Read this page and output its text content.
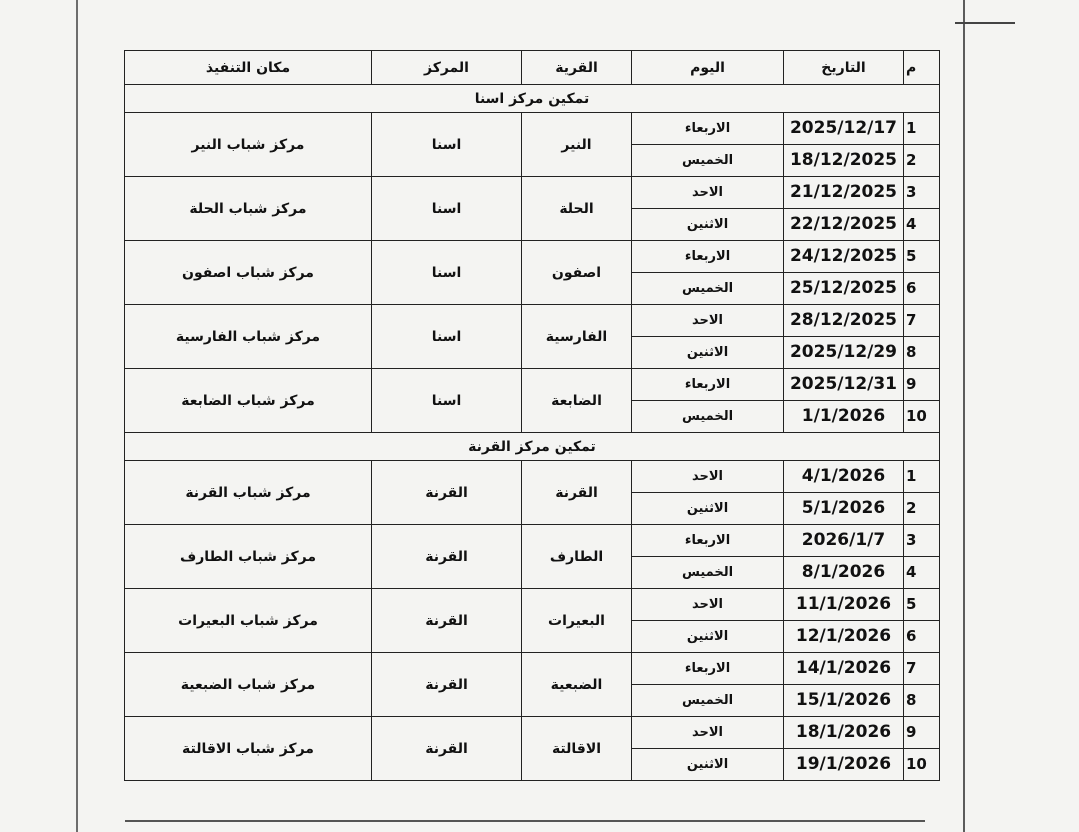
م	التاريخ	اليوم	القرية	المركز	مكان التنفيذ
تمكين مركز اسنا					
1	2025/12/17	الاربعاء	النير	اسنا	مركز شباب النير
2	18/12/2025	الخميس			
3	21/12/2025	الاحد	الحلة	اسنا	مركز شباب الحلة
4	22/12/2025	الاثنين			
5	24/12/2025	الاربعاء	اصفون	اسنا	مركز شباب اصفون
6	25/12/2025	الخميس			
7	28/12/2025	الاحد	الفارسية	اسنا	مركز شباب الفارسية
8	2025/12/29	الاثنين			
9	2025/12/31	الاربعاء	الضابعة	اسنا	مركز شباب الضابعة
10	1/1/2026	الخميس			
تمكين مركز القرنة					
1	4/1/2026	الاحد	القرنة	القرنة	مركز شباب القرنة
2	5/1/2026	الاثنين			
3	2026/1/7	الاربعاء	الطارف	القرنة	مركز شباب الطارف
4	8/1/2026	الخميس			
5	11/1/2026	الاحد	البعيرات	القرنة	مركز شباب البعيرات
6	12/1/2026	الاثنين			
7	14/1/2026	الاربعاء	الضبعية	القرنة	مركز شباب الضبعية
8	15/1/2026	الخميس			
9	18/1/2026	الاحد	الاقالتة	القرنة	مركز شباب الاقالتة
10	19/1/2026	الاثنين			
